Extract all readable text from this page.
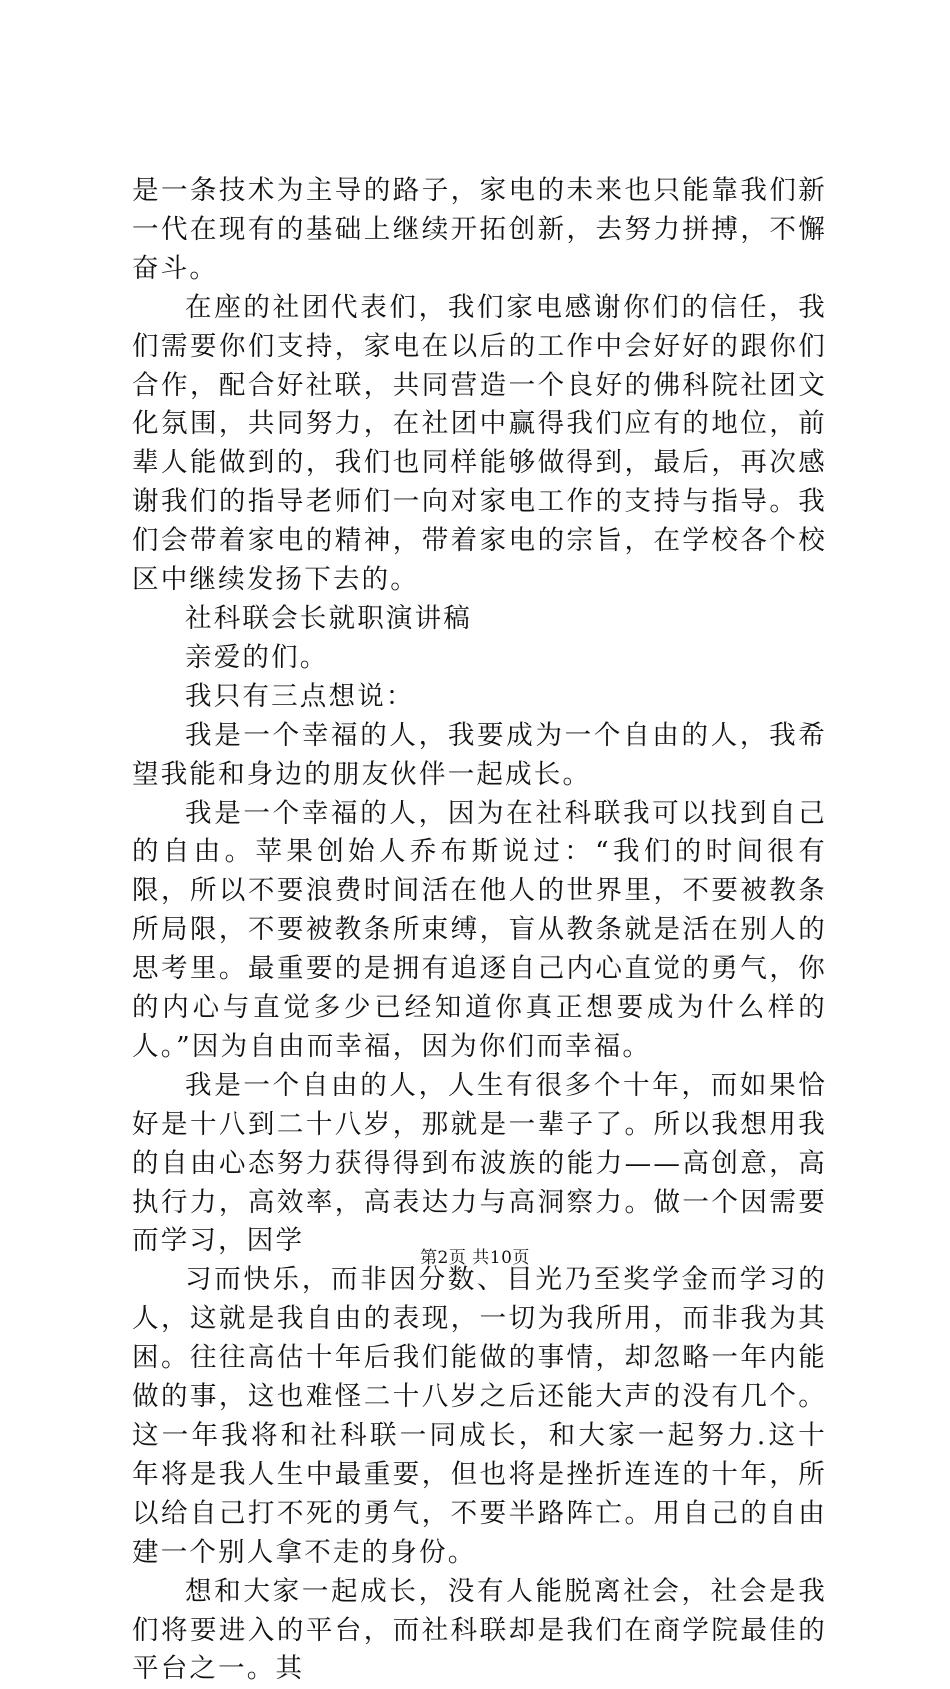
是一条技术为主导的路子，家电的未来也只能靠我们新一代在现有的基础上继续开拓创新，去努力拼搏，不懈奋斗。

在座的社团代表们，我们家电感谢你们的信任，我们需要你们支持，家电在以后的工作中会好好的跟你们合作，配合好社联，共同营造一个良好的佛科院社团文化氛围，共同努力，在社团中赢得我们应有的地位，前辈人能做到的，我们也同样能够做得到，最后，再次感谢我们的指导老师们一向对家电工作的支持与指导。我们会带着家电的精神，带着家电的宗旨，在学校各个校区中继续发扬下去的。

社科联会长就职演讲稿

亲爱的们。

我只有三点想说：

我是一个幸福的人，我要成为一个自由的人，我希望我能和身边的朋友伙伴一起成长。

我是一个幸福的人，因为在社科联我可以找到自己的自由。苹果创始人乔布斯说过：“我们的时间很有限，所以不要浪费时间活在他人的世界里，不要被教条所局限，不要被教条所束缚，盲从教条就是活在别人的思考里。最重要的是拥有追逐自己内心直觉的勇气，你的内心与直觉多少已经知道你真正想要成为什么样的人。”因为自由而幸福，因为你们而幸福。

我是一个自由的人，人生有很多个十年，而如果恰好是十八到二十八岁，那就是一辈子了。所以我想用我的自由心态努力获得得到布波族的能力——高创意，高执行力，高效率，高表达力与高洞察力。做一个因需要而学习，因学

习而快乐，而非因分数、目光乃至奖学金而学习的人，这就是我自由的表现，一切为我所用，而非我为其困。往往高估十年后我们能做的事情，却忽略一年内能做的事，这也难怪二十八岁之后还能大声的没有几个。这一年我将和社科联一同成长，和大家一起努力.这十年将是我人生中最重要，但也将是挫折连连的十年，所以给自己打不死的勇气，不要半路阵亡。用自己的自由建一个别人拿不走的身份。

想和大家一起成长，没有人能脱离社会，社会是我们将要进入的平台，而社科联却是我们在商学院最佳的平台之一。其

第2页 共10页
